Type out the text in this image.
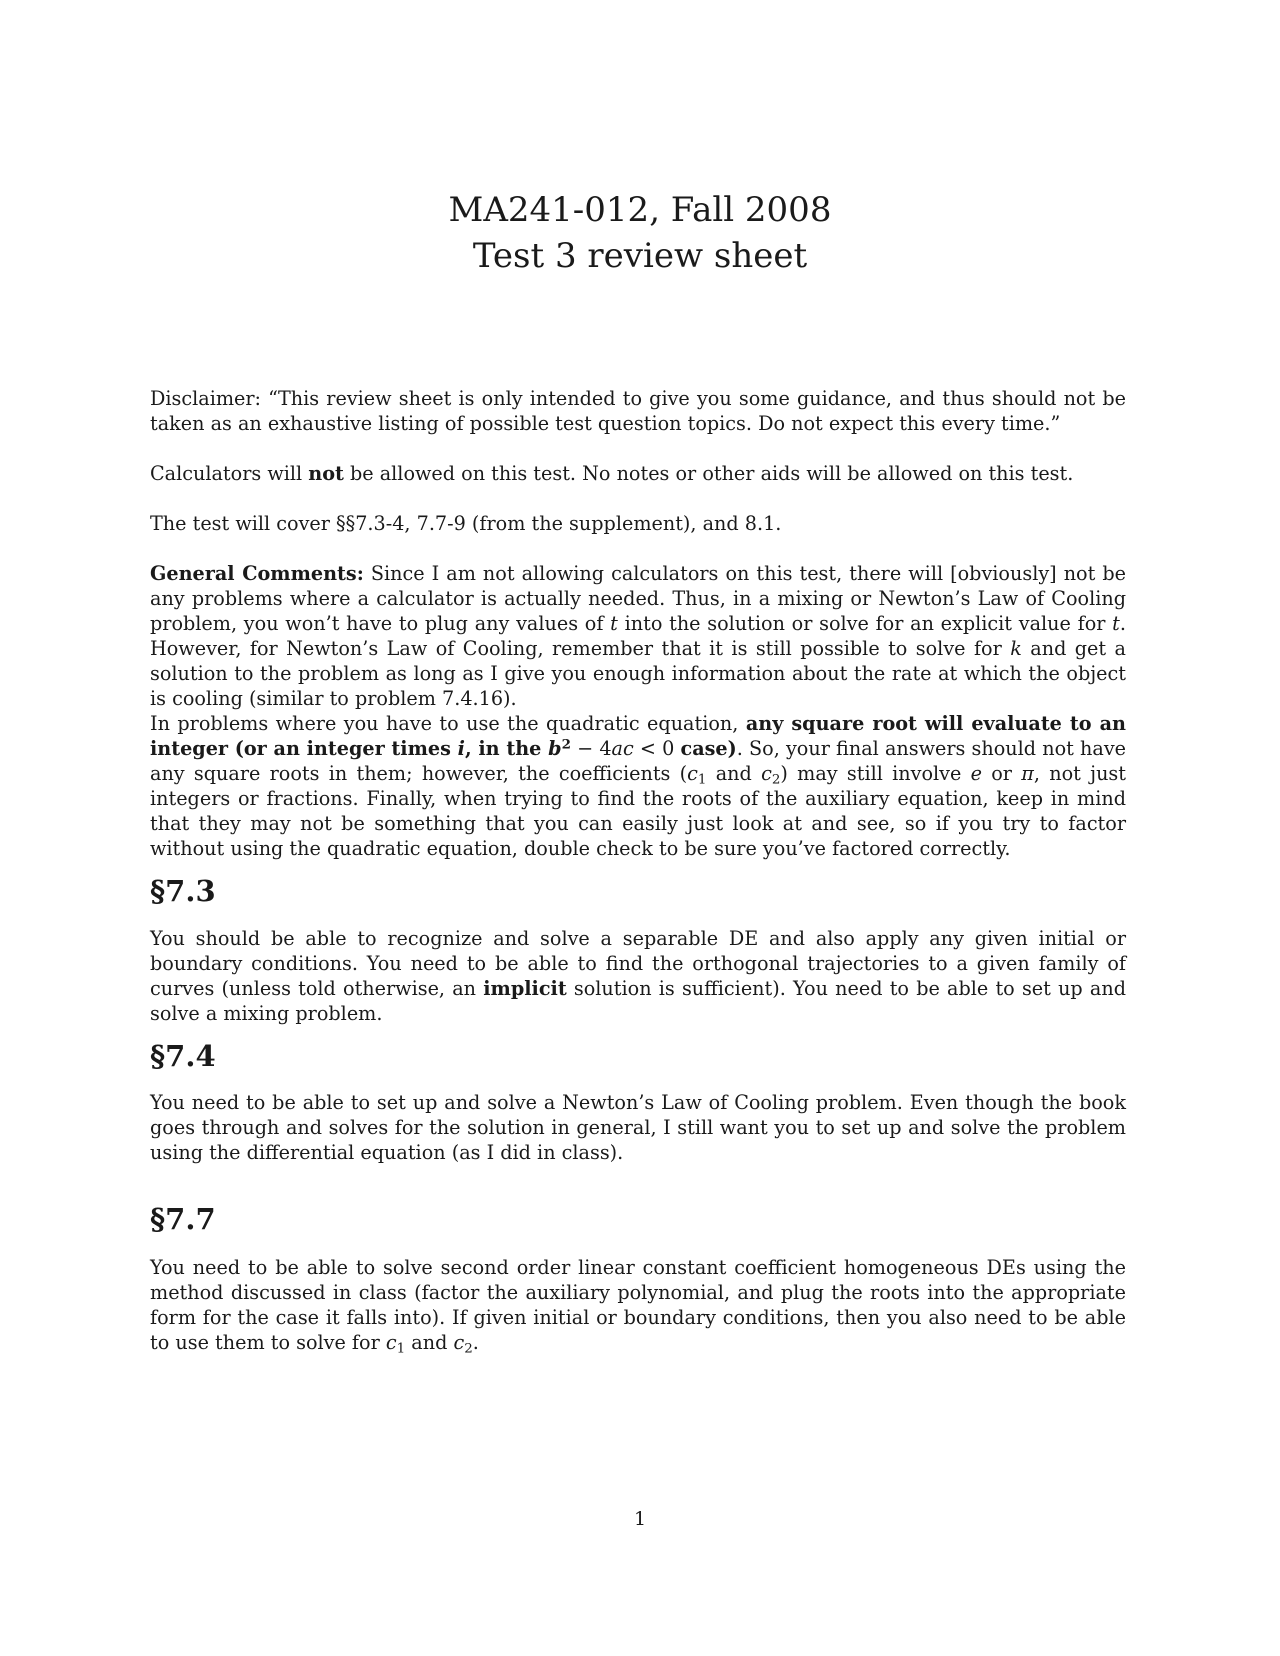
MA241-012, Fall 2008
Test 3 review sheet

Disclaimer: “This review sheet is only intended to give you some guidance, and thus should not be taken as an exhaustive listing of possible test question topics. Do not expect this every time.”

Calculators will not be allowed on this test. No notes or other aids will be allowed on this test.

The test will cover §§7.3-4, 7.7-9 (from the supplement), and 8.1.

General Comments: Since I am not allowing calculators on this test, there will [obviously] not be any problems where a calculator is actually needed. Thus, in a mixing or Newton’s Law of Cooling problem, you won’t have to plug any values of t into the solution or solve for an explicit value for t. However, for Newton’s Law of Cooling, remember that it is still possible to solve for k and get a solution to the problem as long as I give you enough information about the rate at which the object is cooling (similar to problem 7.4.16).
In problems where you have to use the quadratic equation, any square root will evaluate to an integer (or an integer times i, in the $b^2 - 4ac < 0$ case). So, your final answers should not have any square roots in them; however, the coefficients ($c_1$ and $c_2$) may still involve e or π, not just integers or fractions. Finally, when trying to find the roots of the auxiliary equation, keep in mind that they may not be something that you can easily just look at and see, so if you try to factor without using the quadratic equation, double check to be sure you’ve factored correctly.

§7.3

You should be able to recognize and solve a separable DE and also apply any given initial or boundary conditions. You need to be able to find the orthogonal trajectories to a given family of curves (unless told otherwise, an implicit solution is sufficient). You need to be able to set up and solve a mixing problem.

§7.4

You need to be able to set up and solve a Newton’s Law of Cooling problem. Even though the book goes through and solves for the solution in general, I still want you to set up and solve the problem using the differential equation (as I did in class).

§7.7

You need to be able to solve second order linear constant coefficient homogeneous DEs using the method discussed in class (factor the auxiliary polynomial, and plug the roots into the appropriate form for the case it falls into). If given initial or boundary conditions, then you also need to be able to use them to solve for $c_1$ and $c_2$.

1
